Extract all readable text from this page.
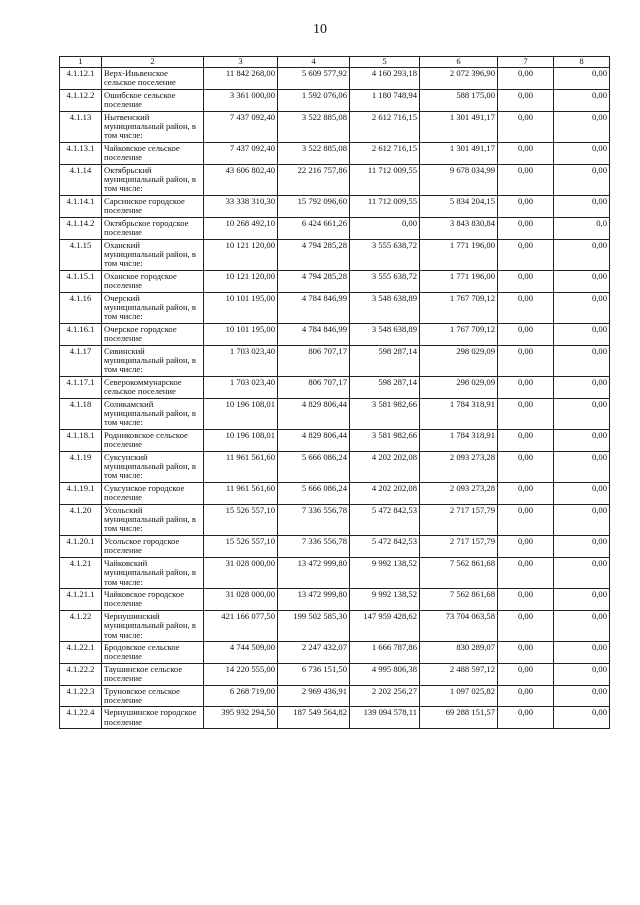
10
1	2	3	4	5	6	7	8
4.1.12.1	Верх-Иньвенское сельское поселение	11 842 268,00	5 609 577,92	4 160 293,18	2 072 396,90	0,00	0,00
4.1.12.2	Ошибское сельское поселение	3 361 000,00	1 592 076,06	1 180 748,94	588 175,00	0,00	0,00
4.1.13	Нытвенский муниципальный район, в том числе:	7 437 092,40	3 522 885,08	2 612 716,15	1 301 491,17	0,00	0,00
4.1.13.1	Чайковское сельское поселение	7 437 092,40	3 522 885,08	2 612 716,15	1 301 491,17	0,00	0,00
4.1.14	Октябрьский муниципальный район, в том числе:	43 606 802,40	22 216 757,86	11 712 009,55	9 678 034,99	0,00	0,00
4.1.14.1	Сарсинское городское поселение	33 338 310,30	15 792 096,60	11 712 009,55	5 834 204,15	0,00	0,00
4.1.14.2	Октябрьское городское поселение	10 268 492,10	6 424 661,26	0,00	3 843 830,84	0,00	0,0
4.1.15	Оханский муниципальный район, в том числе:	10 121 120,00	4 794 285,28	3 555 638,72	1 771 196,00	0,00	0,00
4.1.15.1	Оханское городское поселение	10 121 120,00	4 794 285,28	3 555 638,72	1 771 196,00	0,00	0,00
4.1.16	Очерский муниципальный район, в том числе:	10 101 195,00	4 784 846,99	3 548 638,89	1 767 709,12	0,00	0,00
4.1.16.1	Очерское городское поселение	10 101 195,00	4 784 846,99	3 548 638,89	1 767 709,12	0,00	0,00
4.1.17	Сивинский муниципальный район, в том числе:	1 703 023,40	806 707,17	598 287,14	298 029,09	0,00	0,00
4.1.17.1	Северокоммунарское сельское поселение	1 703 023,40	806 707,17	598 287,14	298 029,09	0,00	0,00
4.1.18	Соликамский муниципальный район, в том числе:	10 196 108,01	4 829 806,44	3 581 982,66	1 784 318,91	0,00	0,00
4.1.18.1	Родниковское сельское поселение	10 196 108,01	4 829 806,44	3 581 982,66	1 784 318,91	0,00	0,00
4.1.19	Суксунский муниципальный район, в том числе:	11 961 561,60	5 666 086,24	4 202 202,08	2 093 273,28	0,00	0,00
4.1.19.1	Суксунское городское поселение	11 961 561,60	5 666 086,24	4 202 202,08	2 093 273,28	0,00	0,00
4.1.20	Усольский муниципальный район, в том числе:	15 526 557,10	7 336 556,78	5 472 842,53	2 717 157,79	0,00	0,00
4.1.20.1	Усольское городское поселение	15 526 557,10	7 336 556,78	5 472 842,53	2 717 157,79	0,00	0,00
4.1.21	Чайковский муниципальный район, в том числе:	31 028 000,00	13 472 999,80	9 992 138,52	7 562 861,68	0,00	0,00
4.1.21.1	Чайковское городское поселение	31 028 000,00	13 472 999,80	9 992 138,52	7 562 861,68	0,00	0,00
4.1.22	Чернушинский муниципальный район, в том числе:	421 166 077,50	199 502 585,30	147 959 428,62	73 704 063,58	0,00	0,00
4.1.22.1	Бродовское сельское поселение	4 744 509,00	2 247 432,07	1 666 787,86	830 289,07	0,00	0,00
4.1.22.2	Таушинское сельское поселение	14 220 555,00	6 736 151,50	4 995 806,38	2 488 597,12	0,00	0,00
4.1.22.3	Труновское сельское поселение	6 268 719,00	2 969 436,91	2 202 256,27	1 097 025,82	0,00	0,00
4.1.22.4	Чернушинское городское поселение	395 932 294,50	187 549 564,82	139 094 578,11	69 288 151,57	0,00	0,00
